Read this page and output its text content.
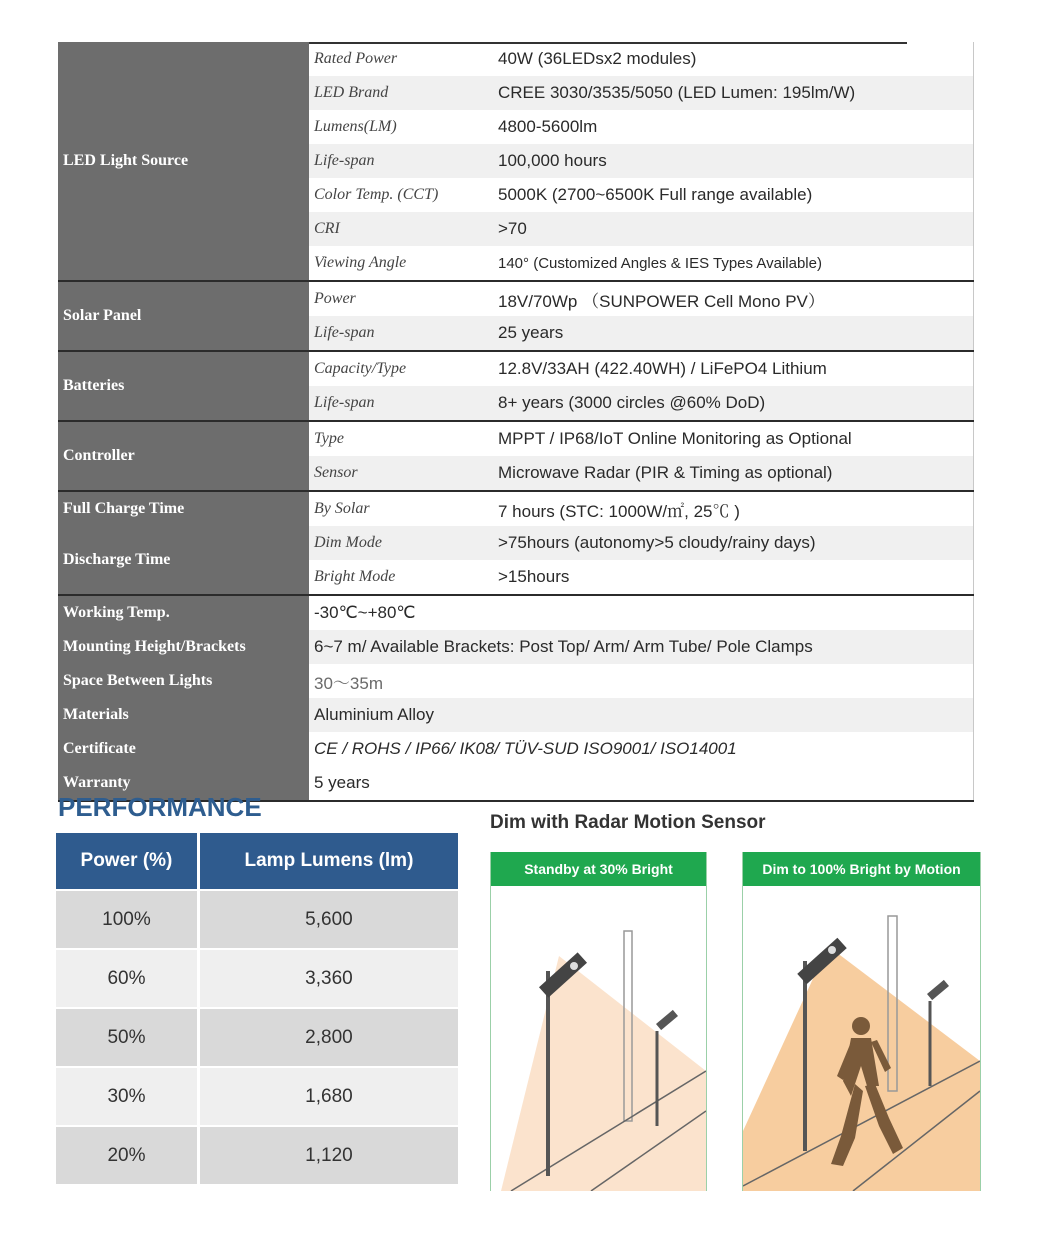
LED Light Source
Rated Power	40W (36LEDsx2 modules)
LED Brand	CREE 3030/3535/5050 (LED Lumen: 195lm/W)
Lumens(LM)	4800-5600lm
Life-span	100,000 hours
Color Temp. (CCT)	5000K (2700~6500K Full range available)
CRI	>70
Viewing Angle	140° (Customized Angles & IES Types Available)
Solar Panel
Power	18V/70Wp （SUNPOWER Cell Mono PV）
Life-span	25 years
Batteries
Capacity/Type	12.8V/33AH (422.40WH) / LiFePO4 Lithium
Life-span	8+ years (3000 circles @60% DoD)
Controller
Type	MPPT / IP68/IoT Online Monitoring as Optional
Sensor	Microwave Radar (PIR & Timing as optional)
Full Charge Time
Discharge Time
By Solar	7 hours (STC: 1000W/㎡, 25℃ )
Dim Mode	>75hours (autonomy>5 cloudy/rainy days)
Bright Mode	>15hours
Working Temp.	-30℃~+80℃
Mounting Height/Brackets	6~7 m/ Available Brackets: Post Top/ Arm/ Arm Tube/ Pole Clamps
Space Between Lights	30～35m
Materials	Aluminium Alloy
Certificate	CE / ROHS / IP66/ IK08/ TÜV-SUD ISO9001/ ISO14001
Warranty	5 years
PERFORMANCE
Power (%)	Lamp Lumens (lm)
100%	5,600
60%	3,360
50%	2,800
30%	1,680
20%	1,120
Dim with Radar Motion Sensor
Standby at 30% Bright	Dim to 100% Bright by Motion
